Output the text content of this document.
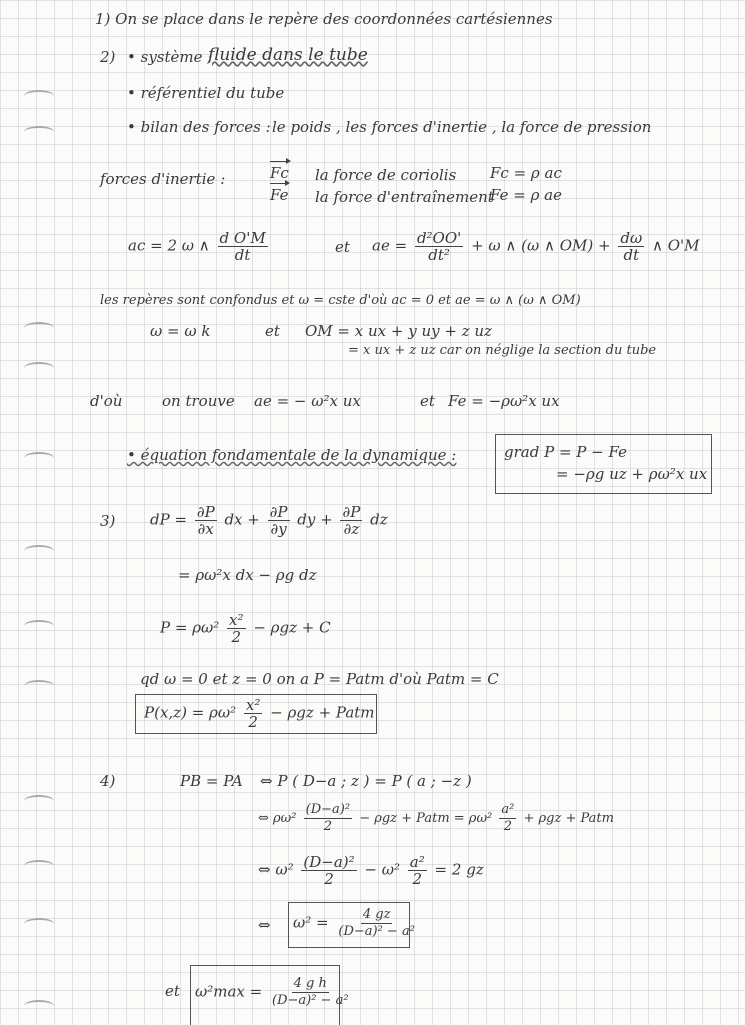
1) On se place dans le repère des coordonnées cartésiennes
2) • système :
fluide dans le tube
• référentiel du tube
• bilan des forces : le poids , les forces d'inertie , la force de pression
forces d'inertie :	Fc la force de coriolis Fc = ρ ac
Fe la force d'entraînement
Fe = ρ ae
ac = 2 ω ∧ $\frac{\text{d O'M}}{dt}$	et ae = $\frac{\text{d²OO'}}{\text{dt²}} + \omega$ ∧ (ω ∧ $OM) + \frac{d\omega}{dt}$ ∧ O'M
les repères sont confondus et ω = cste d'où ac = 0 et ae = ω ∧ (ω ∧ OM)
ω = ω k	et OM = x ux + y uy + z uz
= x ux + z uz car on néglige la section du tube
d'où	on trouve ae = − ω²x ux	et Fe = −ρω²x ux
• équation fondamentale de la dynamique :	grad P = P − Fe
= −ρg uz + ρω²x ux
3) dP = $\frac{\partial P}{\partial x}$ dx + $\frac{\partial P}{\partial y}$ dy + $\frac{\partial P}{\partial z}$ dz
= ρω²x dx − ρg dz
$P = \rho\omega^2 \frac{\text{x²}}{2} - \rho gz + C$
qd ω = 0 et z = 0 on a P = Patm d'où Patm = C
$P(x,z) = \rho\omega^2 \frac{\text{x²}}{2} - \rho gz$ + Patm
4)	PB = PA ⇔ P ( D−a ; z ) = P ( a ; −z )
⇔ $\rho\omega^2 \frac{\text{(D−a)²}}{2} - \rho gz$ + Patm = $\rho\omega^2 \frac{\text{a²}}{2} + \rho gz$ + Patm
⇔ $\omega^2 \frac{\text{(D−a)²}}{2} - \omega^2 \frac{\text{a²}}{2} = 2$ gz
⇔ $\omega^2 = \frac{4 gz}{\text{(D−a)² − a²}}$
et $\omega^2\max = \frac{\text{4 g h}}{\text{(D−a)² − a²}}$
